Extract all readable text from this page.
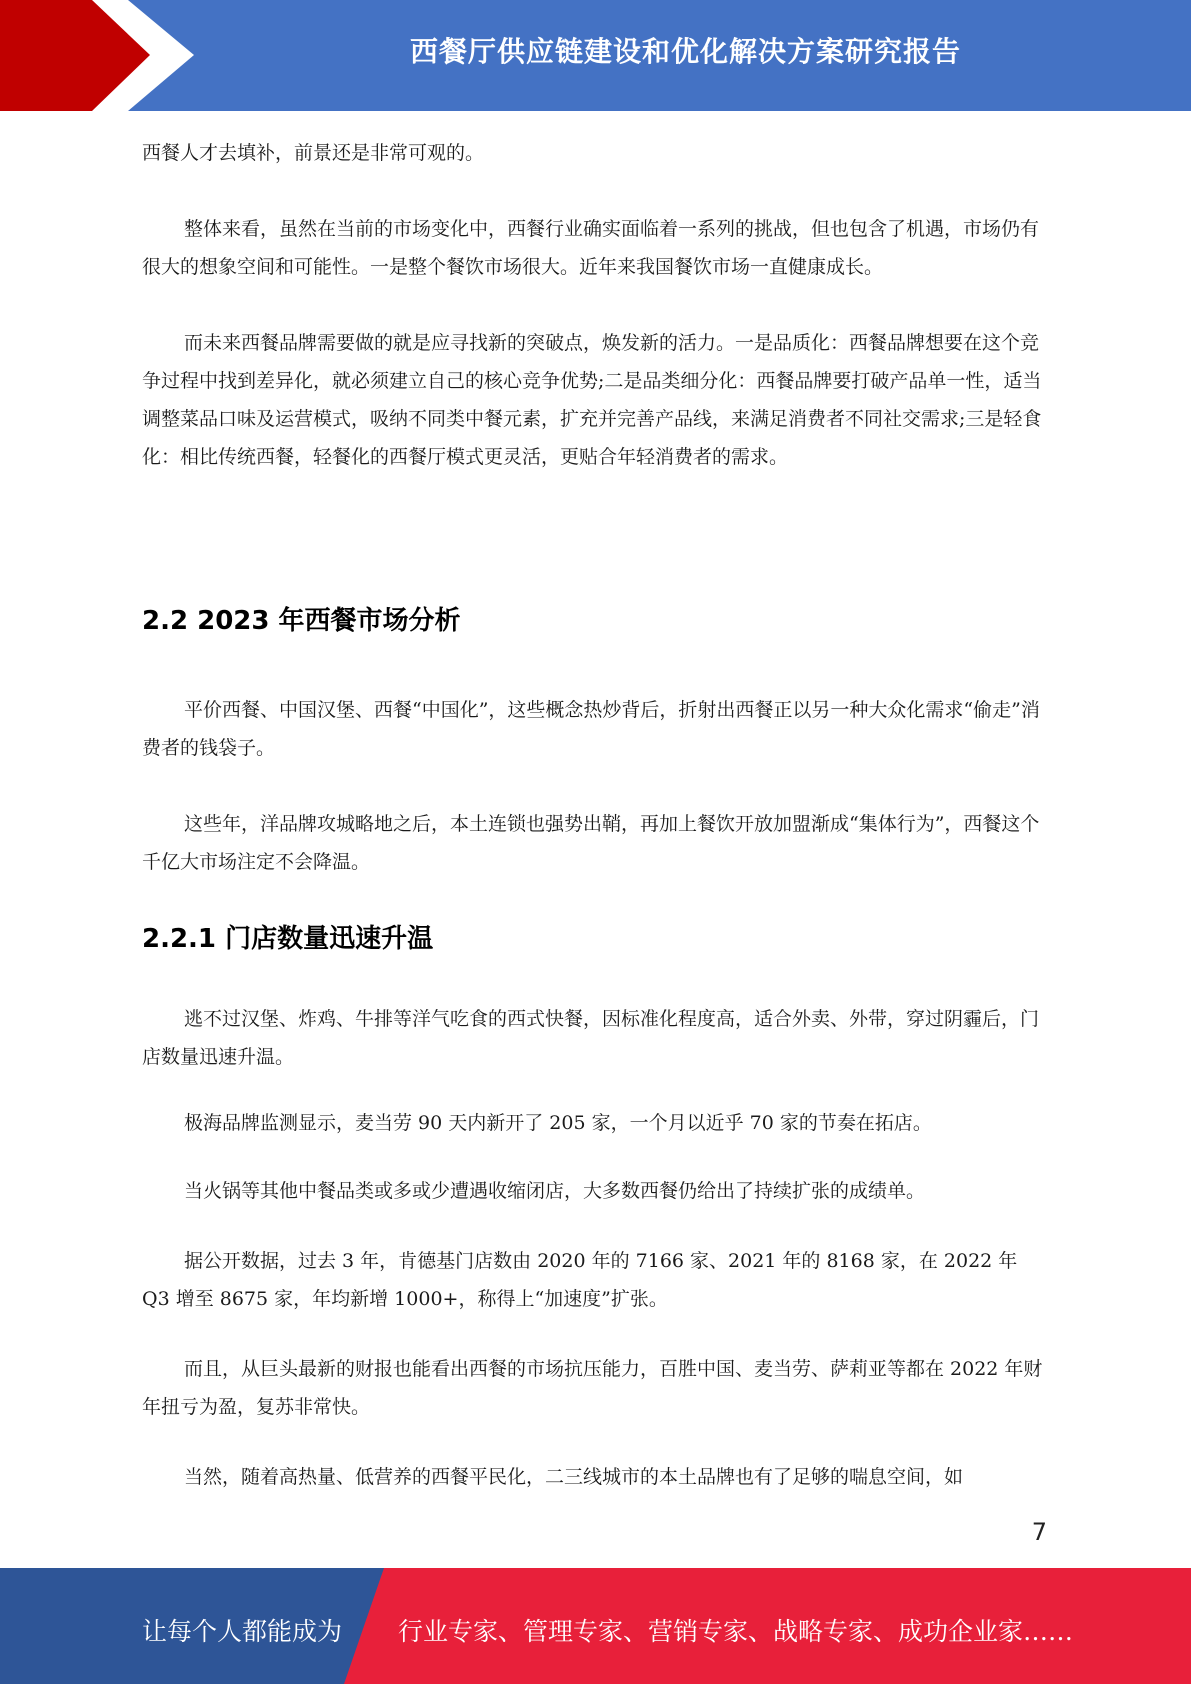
西餐厅供应链建设和优化解决方案研究报告

西餐人才去填补，前景还是非常可观的。

整体来看，虽然在当前的市场变化中，西餐行业确实面临着一系列的挑战，但也包含了机遇，市场仍有很大的想象空间和可能性。一是整个餐饮市场很大。近年来我国餐饮市场一直健康成长。

而未来西餐品牌需要做的就是应寻找新的突破点，焕发新的活力。一是品质化：西餐品牌想要在这个竞争过程中找到差异化，就必须建立自己的核心竞争优势;二是品类细分化：西餐品牌要打破产品单一性，适当调整菜品口味及运营模式，吸纳不同类中餐元素，扩充并完善产品线，来满足消费者不同社交需求;三是轻食化：相比传统西餐，轻餐化的西餐厅模式更灵活，更贴合年轻消费者的需求。

2.2 2023 年西餐市场分析

平价西餐、中国汉堡、西餐“中国化”，这些概念热炒背后，折射出西餐正以另一种大众化需求“偷走”消费者的钱袋子。

这些年，洋品牌攻城略地之后，本土连锁也强势出鞘，再加上餐饮开放加盟渐成“集体行为”，西餐这个千亿大市场注定不会降温。

2.2.1 门店数量迅速升温

逃不过汉堡、炸鸡、牛排等洋气吃食的西式快餐，因标准化程度高，适合外卖、外带，穿过阴霾后，门店数量迅速升温。

极海品牌监测显示，麦当劳 90 天内新开了 205 家，一个月以近乎 70 家的节奏在拓店。

当火锅等其他中餐品类或多或少遭遇收缩闭店，大多数西餐仍给出了持续扩张的成绩单。

据公开数据，过去 3 年，肯德基门店数由 2020 年的 7166 家、2021 年的 8168 家，在 2022 年 Q3 增至 8675 家，年均新增 1000+，称得上“加速度”扩张。

而且，从巨头最新的财报也能看出西餐的市场抗压能力，百胜中国、麦当劳、萨莉亚等都在 2022 年财年扭亏为盈，复苏非常快。

当然，随着高热量、低营养的西餐平民化，二三线城市的本土品牌也有了足够的喘息空间，如

7
让每个人都能成为 行业专家、管理专家、营销专家、战略专家、成功企业家……
